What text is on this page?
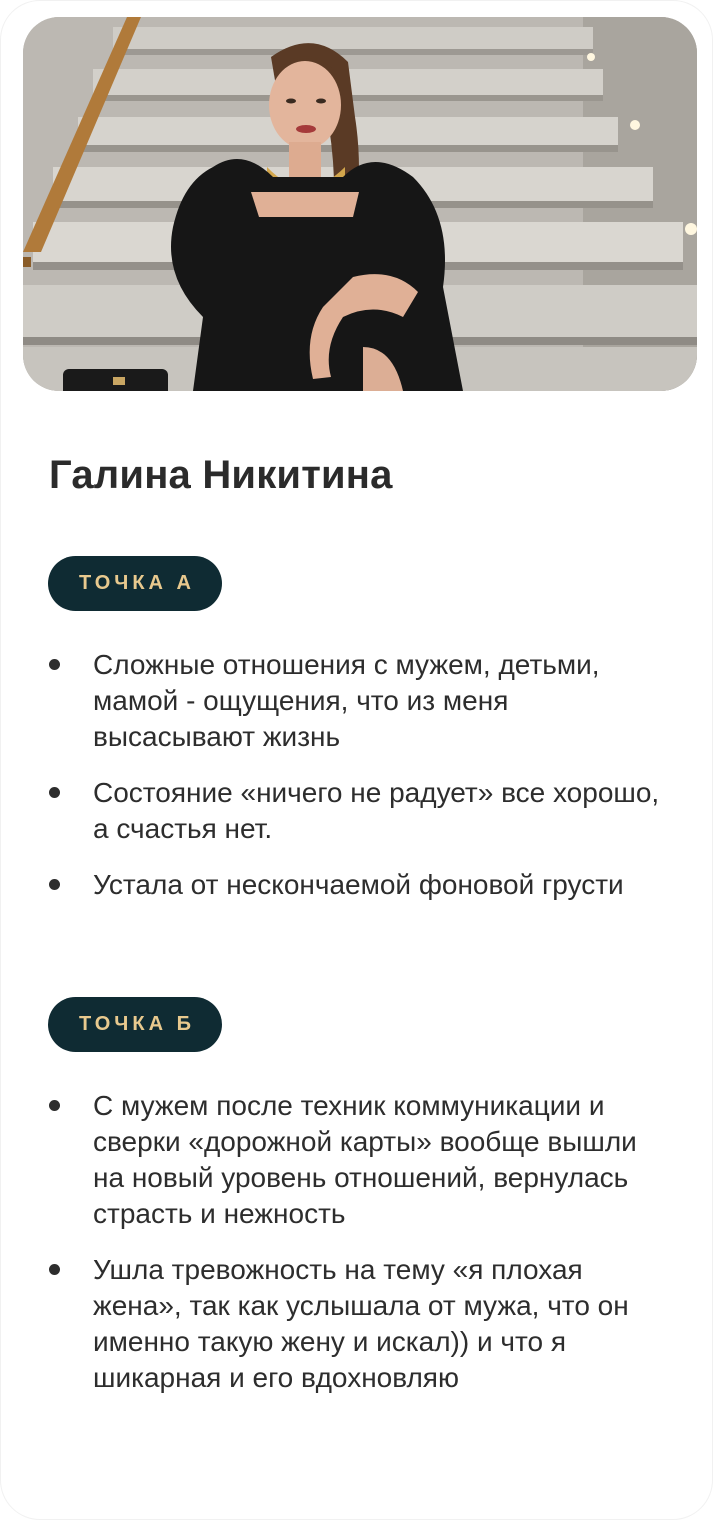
Галина Никитина
ТОЧКА А
Сложные отношения с мужем, детьми, мамой - ощущения, что из меня высасывают жизнь
Состояние «ничего не радует» все хорошо, а счастья нет.
Устала от нескончаемой фоновой грусти
ТОЧКА Б
С мужем после техник коммуникации и сверки «дорожной карты» вообще вышли на новый уровень отношений, вернулась страсть и нежность
Ушла тревожность на тему «я плохая жена», так как услышала от мужа, что он именно такую жену и искал)) и что я шикарная и его вдохновляю
